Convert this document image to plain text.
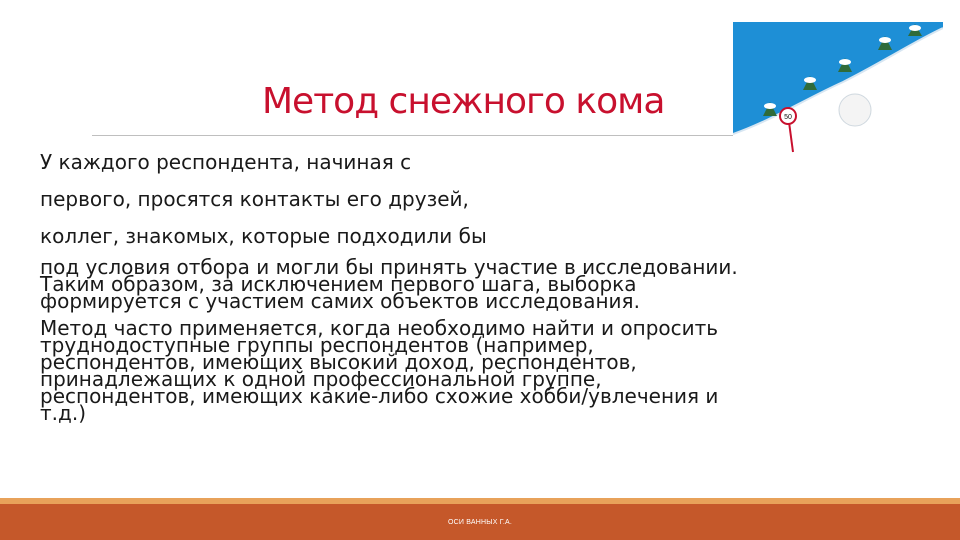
Метод снежного кома	50
У каждого респондента, начиная с
первого, просятся контакты его друзей,
коллег, знакомых, которые подходили бы
под условия отбора и могли бы принять участие в исследовании.
Таким образом, за исключением первого шага, выборка
формируется с участием самих объектов исследования.
Метод часто применяется, когда необходимо найти и опросить
труднодоступные группы респондентов (например,
респондентов, имеющих высокий доход, респондентов,
принадлежащих к одной профессиональной группе,
респондентов, имеющих какие-либо схожие хобби/увлечения и
т.д.)
ОСИ ВАННЫХ Г.А.
